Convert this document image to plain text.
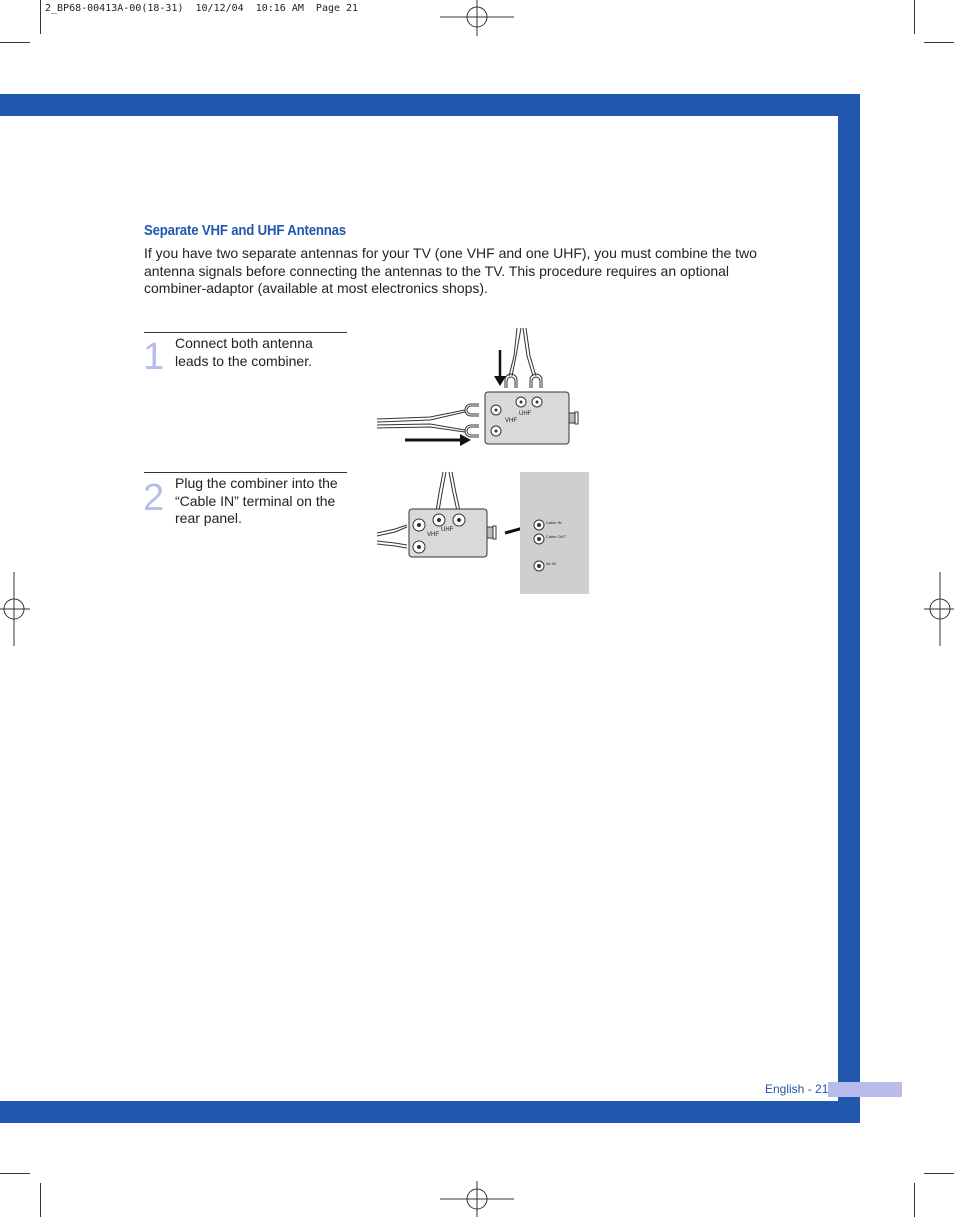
2_BP68-00413A-00(18-31)  10/12/04  10:16 AM  Page 21
Separate VHF and UHF Antennas

If you have two separate antennas for your TV (one VHF and one UHF), you must combine the two antenna signals before connecting the antennas to the TV. This procedure requires an optional combiner-adaptor (available at most electronics shops).

1 Connect both antenna leads to the combiner.

UHF
VHF
2 Plug the combiner into the “Cable IN” terminal on the rear panel.

UHF
VHF
Cable IN
Cable OUT
Air IN
English - 21
